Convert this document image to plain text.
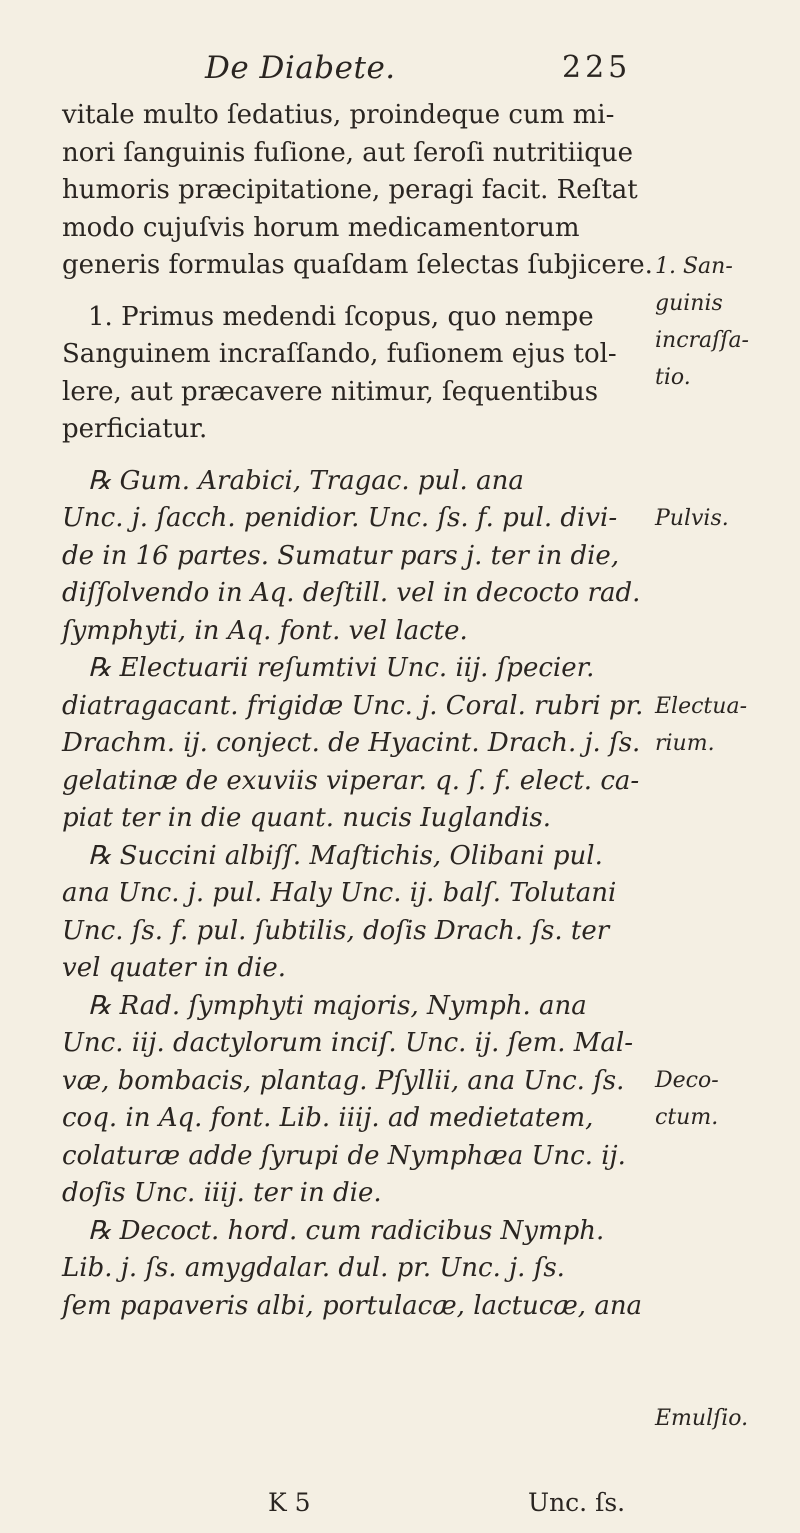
De Diabete.	225
vitale multo ſedatius, proindeque cum mi-
nori ſanguinis fuſione, aut ſeroſi nutritiique
humoris præcipitatione, peragi facit. Reſtat
modo cujuſvis horum medicamentorum
generis formulas quaſdam ſelectas ſubjicere.
1. Primus medendi ſcopus, quo nempe
Sanguinem incraſſando, fuſionem ejus tol-
lere, aut præcavere nitimur, ſequentibus
perficiatur.
℞ Gum. Arabici, Tragac. pul. ana
Unc. j. ſacch. penidior. Unc. ſs. f. pul. divi-
de in 16 partes. Sumatur pars j. ter in die,
diſſolvendo in Aq. deſtill. vel in decocto rad.
ſymphyti, in Aq. font. vel lacte.
℞ Electuarii reſumtivi Unc. iij. ſpecier.
diatragacant. frigidæ Unc. j. Coral. rubri pr.
Drachm. ij. conject. de Hyacint. Drach. j. ſs.
gelatinæ de exuviis viperar. q. ſ. f. elect. ca-
piat ter in die quant. nucis Iuglandis.
℞ Succini albiſſ. Maſtichis, Olibani pul.
ana Unc. j. pul. Haly Unc. ij. balſ. Tolutani
Unc. ſs. f. pul. ſubtilis, doſis Drach. ſs. ter
vel quater in die.
℞ Rad. ſymphyti majoris, Nymph. ana
Unc. iij. dactylorum inciſ. Unc. ij. ſem. Mal-
væ, bombacis, plantag. Pſyllii, ana Unc. ſs.
coq. in Aq. font. Lib. iiij. ad medietatem,
colaturæ adde ſyrupi de Nymphæa Unc. ij.
doſis Unc. iiij. ter in die.
℞ Decoct. hord. cum radicibus Nymph.
Lib. j. ſs. amygdalar. dul. pr. Unc. j. ſs.
ſem papaveris albi, portulacæ, lactucæ, ana
1. San-
guinis
incraſſa-
tio.
Pulvis.
Electua-
rium.
Deco-
ctum.
Emulſio.
K 5	Unc. ſs.
